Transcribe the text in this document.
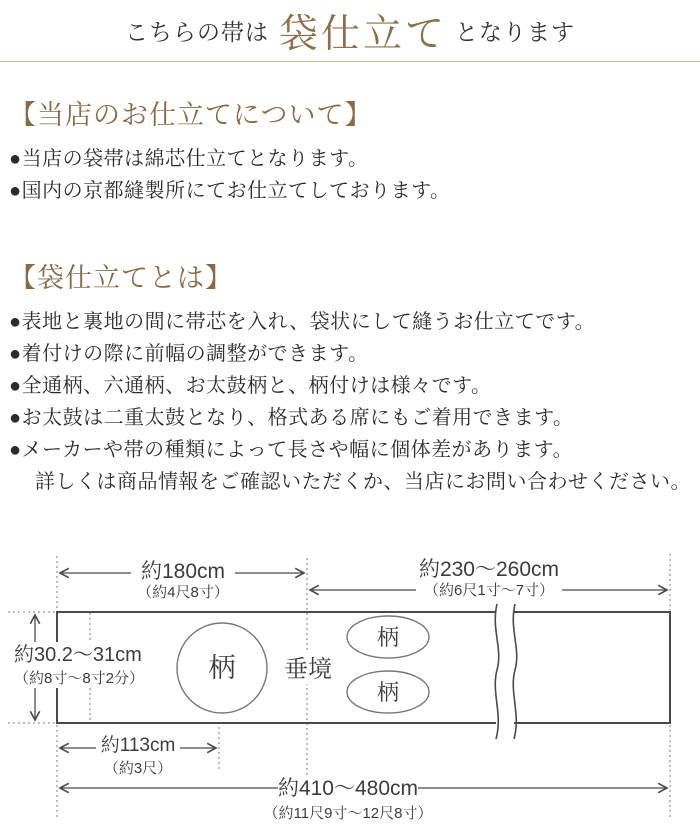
こちらの帯は 袋仕立て となります
【当店のお仕立てについて】

●当店の袋帯は綿芯仕立てとなります。

●国内の京都縫製所にてお仕立てしております。

【袋仕立てとは】

●表地と裏地の間に帯芯を入れ、袋状にして縫うお仕立てです。

●着付けの際に前幅の調整ができます。

●全通柄、六通柄、お太鼓柄と、柄付けは様々です。

●お太鼓は二重太鼓となり、格式ある席にもご着用できます。

●メーカーや帯の種類によって長さや幅に個体差があります。

詳しくは商品情報をご確認いただくか、当店にお問い合わせください。

約180cm
（約4尺8寸）
約230〜260cm
（約6尺1寸〜7寸）
約30.2〜31cm
（約8寸〜8寸2分）
約113cm
（約3尺）
約410〜480cm
（約11尺9寸〜12尺8寸）
柄
柄
柄
垂境
